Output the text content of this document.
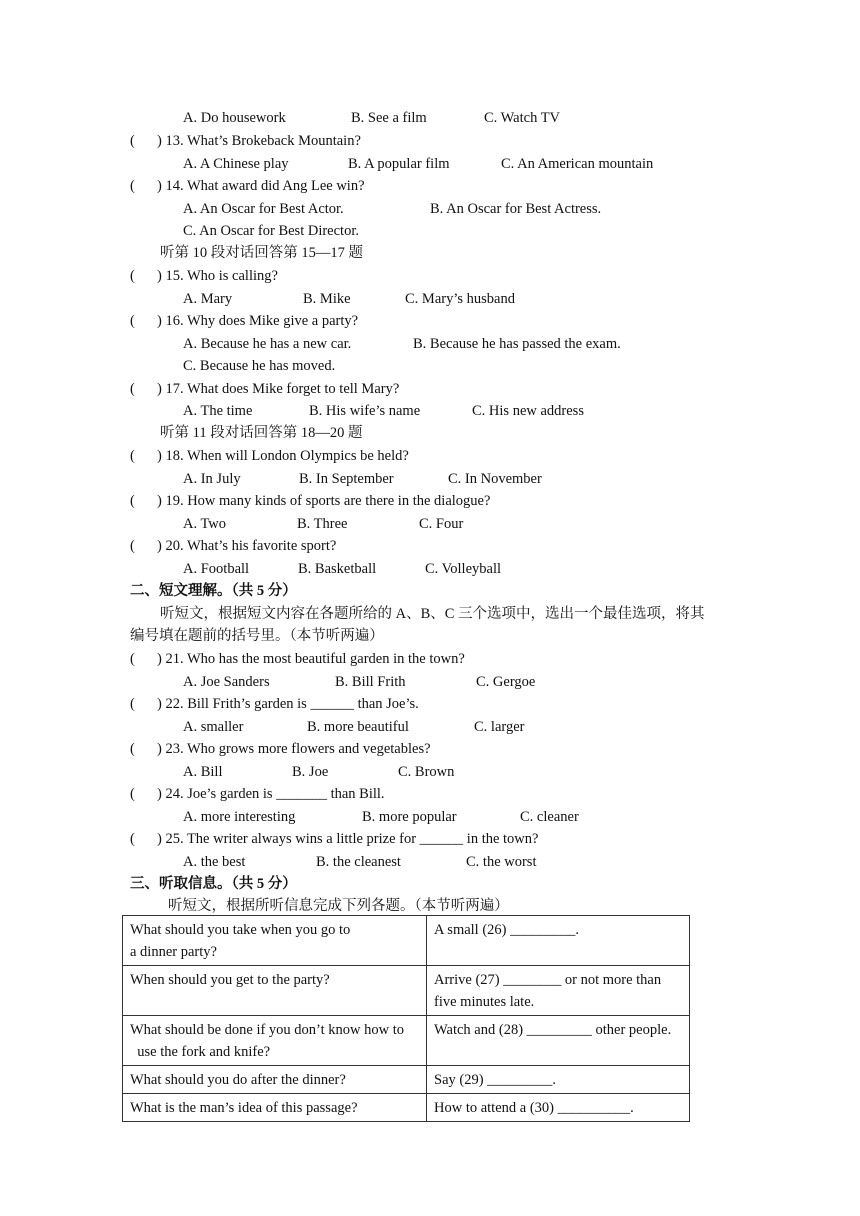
A. Do housework	B. See a film	C. Watch TV
( ) 13. What’s Brokeback Mountain?
A. A Chinese play	B. A popular film	C. An American mountain
( ) 14. What award did Ang Lee win?
A. An Oscar for Best Actor.	B. An Oscar for Best Actress.
C. An Oscar for Best Director.
听第 10 段对话回答第 15—17 题
( ) 15. Who is calling?
A. Mary	B. Mike	C. Mary’s husband
( ) 16. Why does Mike give a party?
A. Because he has a new car.	B. Because he has passed the exam.
C. Because he has moved.
( ) 17. What does Mike forget to tell Mary?
A. The time	B. His wife’s name	C. His new address
听第 11 段对话回答第 18—20 题
( ) 18. When will London Olympics be held?
A. In July	B. In September	C. In November
( ) 19. How many kinds of sports are there in the dialogue?
A. Two	B. Three	C. Four
( ) 20. What’s his favorite sport?
A. Football	B. Basketball	C. Volleyball
二、短文理解。（共 5 分）
听短文，根据短文内容在各题所给的 A、B、C 三个选项中，选出一个最佳选项，将其
编号填在题前的括号里。（本节听两遍）
( ) 21. Who has the most beautiful garden in the town?
A. Joe Sanders	B. Bill Frith	C. Gergoe
( ) 22. Bill Frith’s garden is ______ than Joe’s.
A. smaller	B. more beautiful	C. larger
( ) 23. Who grows more flowers and vegetables?
A. Bill	B. Joe	C. Brown
( ) 24. Joe’s garden is _______ than Bill.
A. more interesting	B. more popular	C. cleaner
( ) 25. The writer always wins a little prize for ______ in the town?
A. the best	B. the cleanest	C. the worst
三、听取信息。（共 5 分）
听短文，根据所听信息完成下列各题。（本节听两遍）
What should you take when you go to
a dinner party?	A small (26) _________.
When should you get to the party?	Arrive (27) ________ or not more than
five minutes late.
What should be done if you don’t know how to
use the fork and knife?	Watch and (28) _________ other people.
What should you do after the dinner?	Say (29) _________.
What is the man’s idea of this passage?	How to attend a (30) __________.
